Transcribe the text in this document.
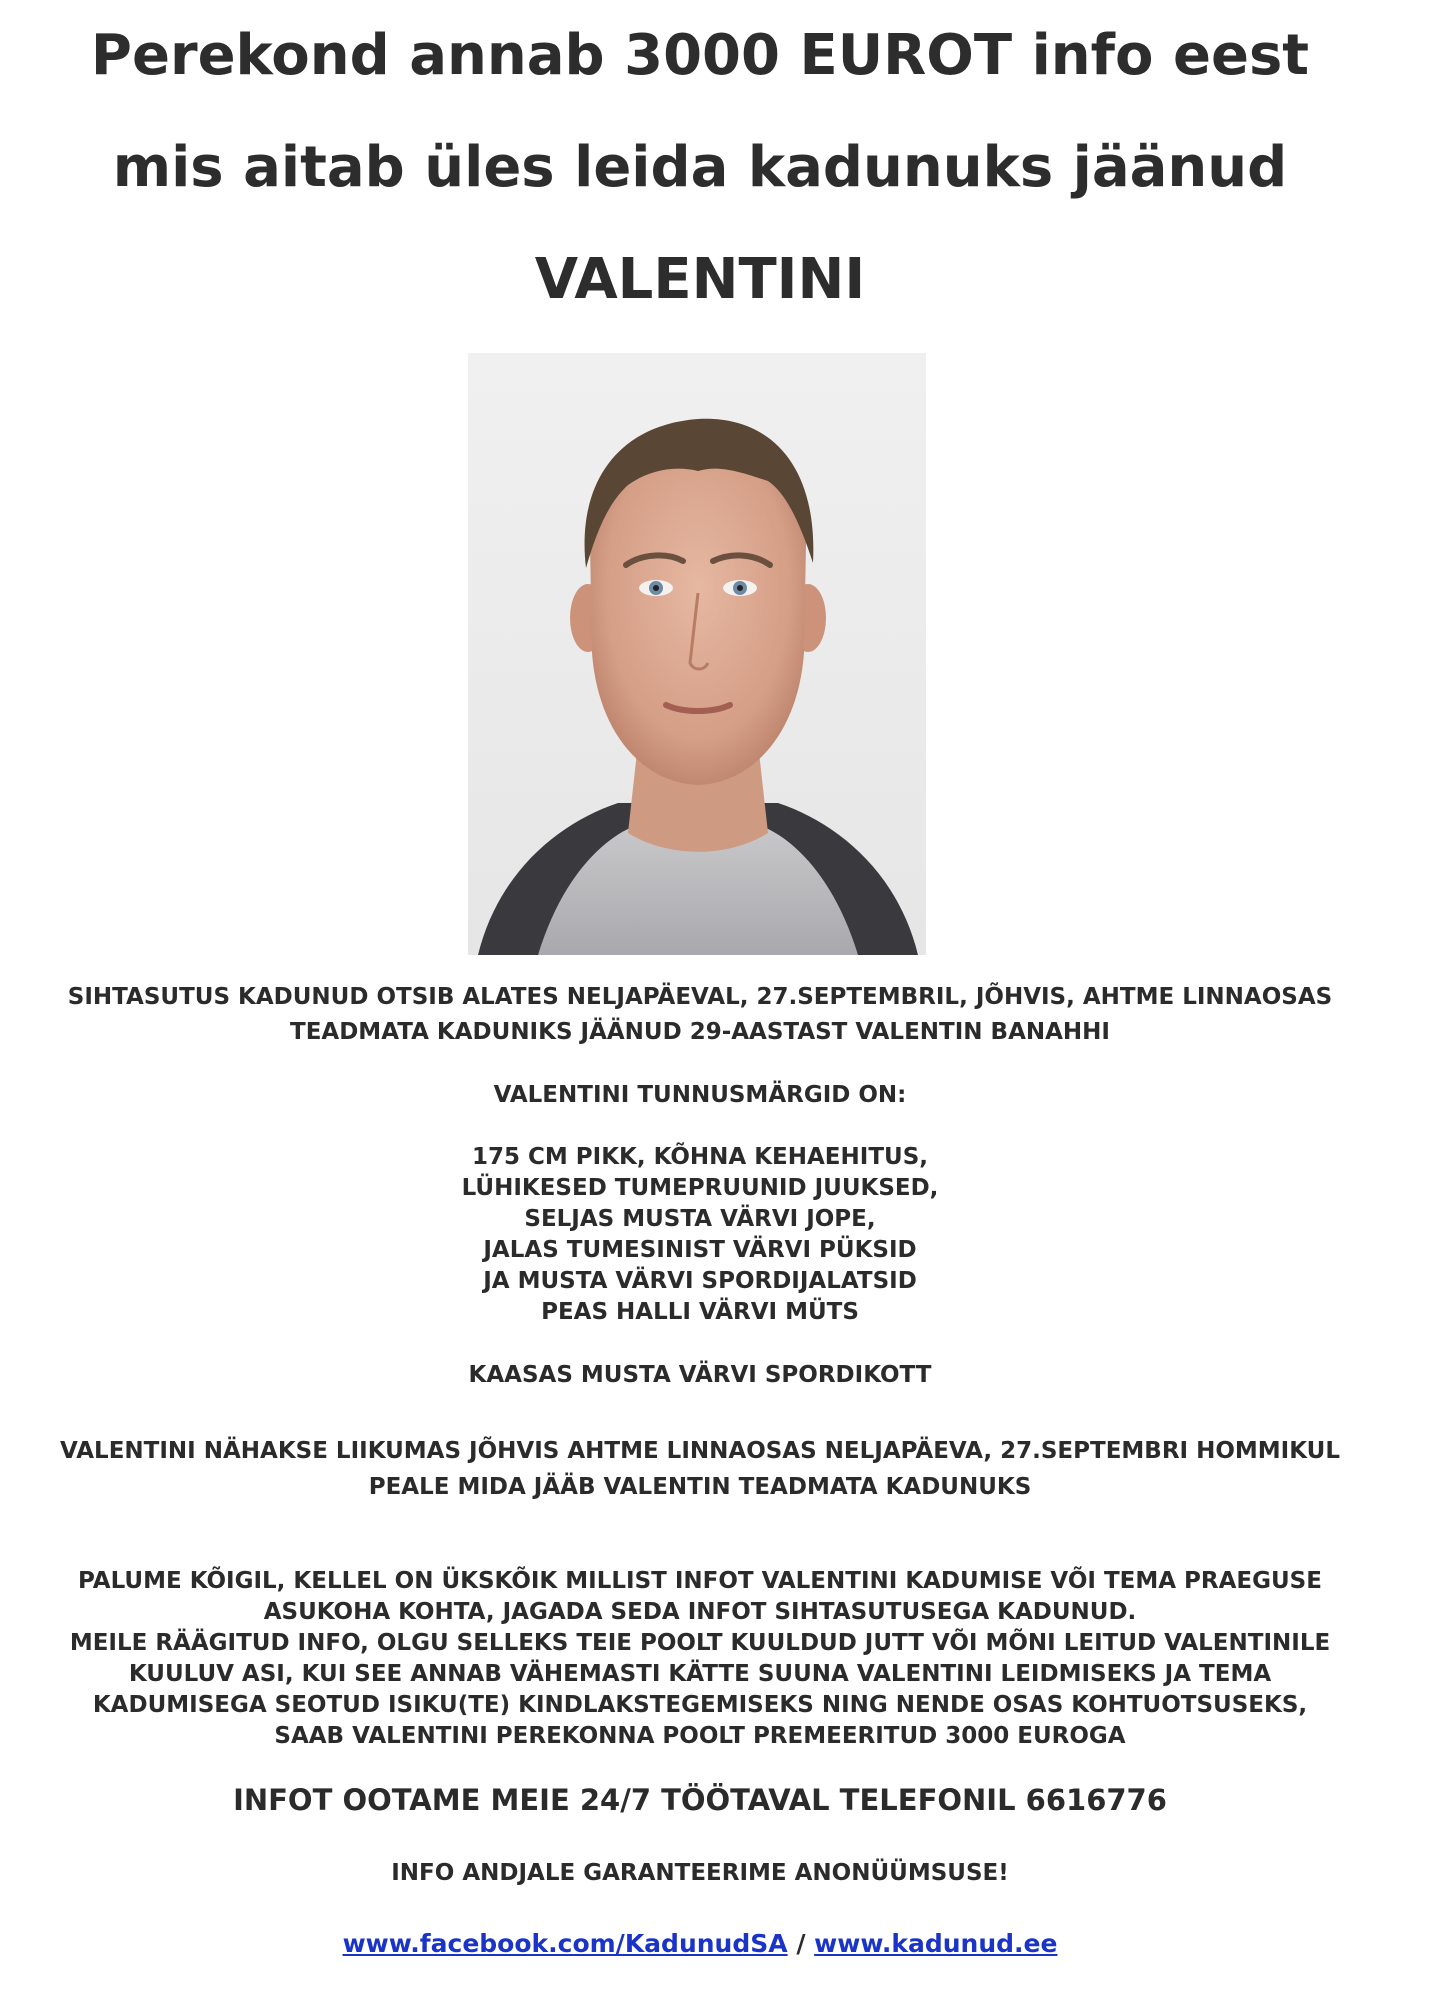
Perekond annab 3000 EUROT info eest
mis aitab üles leida kadunuks jäänud
VALENTINI
SIHTASUTUS KADUNUD OTSIB ALATES NELJAPÄEVAL, 27.SEPTEMBRIL, JÕHVIS, AHTME LINNAOSAS
TEADMATA KADUNIKS JÄÄNUD 29-AASTAST VALENTIN BANAHHI
VALENTINI TUNNUSMÄRGID ON:
175 CM PIKK, KÕHNA KEHAEHITUS,
LÜHIKESED TUMEPRUUNID JUUKSED,
SELJAS MUSTA VÄRVI JOPE,
JALAS TUMESINIST VÄRVI PÜKSID
JA MUSTA VÄRVI SPORDIJALATSID
PEAS HALLI VÄRVI MÜTS
KAASAS MUSTA VÄRVI SPORDIKOTT
VALENTINI NÄHAKSE LIIKUMAS JÕHVIS AHTME LINNAOSAS NELJAPÄEVA, 27.SEPTEMBRI HOMMIKUL
PEALE MIDA JÄÄB VALENTIN TEADMATA KADUNUKS
PALUME KÕIGIL, KELLEL ON ÜKSKÕIK MILLIST INFOT VALENTINI KADUMISE VÕI TEMA PRAEGUSE
ASUKOHA KOHTA, JAGADA SEDA INFOT SIHTASUTUSEGA KADUNUD.
MEILE RÄÄGITUD INFO, OLGU SELLEKS TEIE POOLT KUULDUD JUTT VÕI MÕNI LEITUD VALENTINILE
KUULUV ASI, KUI SEE ANNAB VÄHEMASTI KÄTTE SUUNA VALENTINI LEIDMISEKS JA TEMA
KADUMISEGA SEOTUD ISIKU(TE) KINDLAKSTEGEMISEKS NING NENDE OSAS KOHTUOTSUSEKS,
SAAB VALENTINI PEREKONNA POOLT PREMEERITUD 3000 EUROGA
INFOT OOTAME MEIE 24/7 TÖÖTAVAL TELEFONIL 6616776
INFO ANDJALE GARANTEERIME ANONÜÜMSUSE!
www.facebook.com/KadunudSA / www.kadunud.ee
